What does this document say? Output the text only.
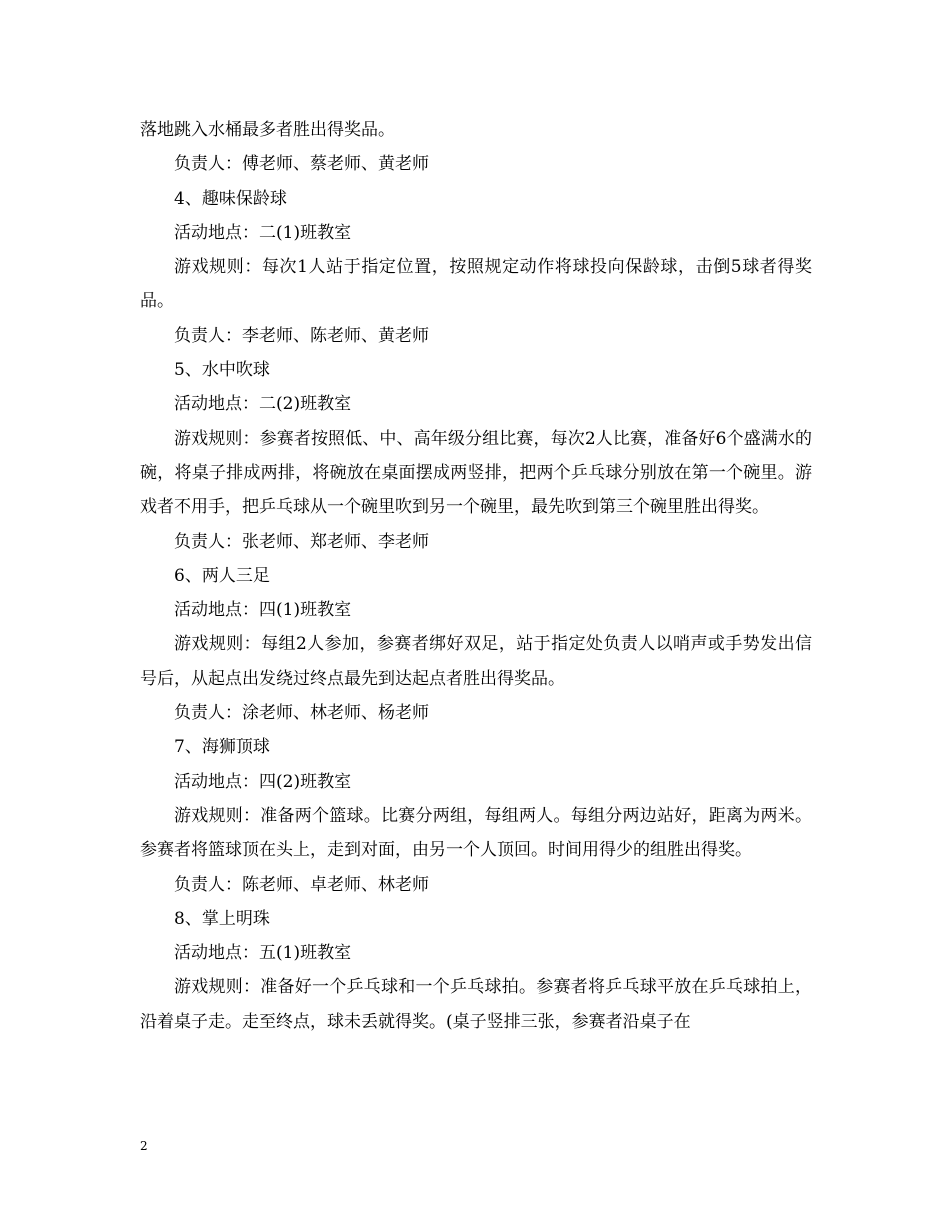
落地跳入水桶最多者胜出得奖品。

负责人：傅老师、蔡老师、黄老师

4、趣味保龄球

活动地点：二(1)班教室

游戏规则：每次1人站于指定位置，按照规定动作将球投向保龄球，击倒5球者得奖品。

负责人：李老师、陈老师、黄老师

5、水中吹球

活动地点：二(2)班教室

游戏规则：参赛者按照低、中、高年级分组比赛，每次2人比赛，准备好6个盛满水的碗，将桌子排成两排，将碗放在桌面摆成两竖排，把两个乒乓球分别放在第一个碗里。游戏者不用手，把乒乓球从一个碗里吹到另一个碗里，最先吹到第三个碗里胜出得奖。

负责人：张老师、郑老师、李老师

6、两人三足

活动地点：四(1)班教室

游戏规则：每组2人参加，参赛者绑好双足，站于指定处负责人以哨声或手势发出信号后，从起点出发绕过终点最先到达起点者胜出得奖品。

负责人：涂老师、林老师、杨老师

7、海狮顶球

活动地点：四(2)班教室

游戏规则：准备两个篮球。比赛分两组，每组两人。每组分两边站好，距离为两米。参赛者将篮球顶在头上，走到对面，由另一个人顶回。时间用得少的组胜出得奖。

负责人：陈老师、卓老师、林老师

8、掌上明珠

活动地点：五(1)班教室

游戏规则：准备好一个乒乓球和一个乒乓球拍。参赛者将乒乓球平放在乒乓球拍上，沿着桌子走。走至终点，球未丢就得奖。(桌子竖排三张，参赛者沿桌子在

2
